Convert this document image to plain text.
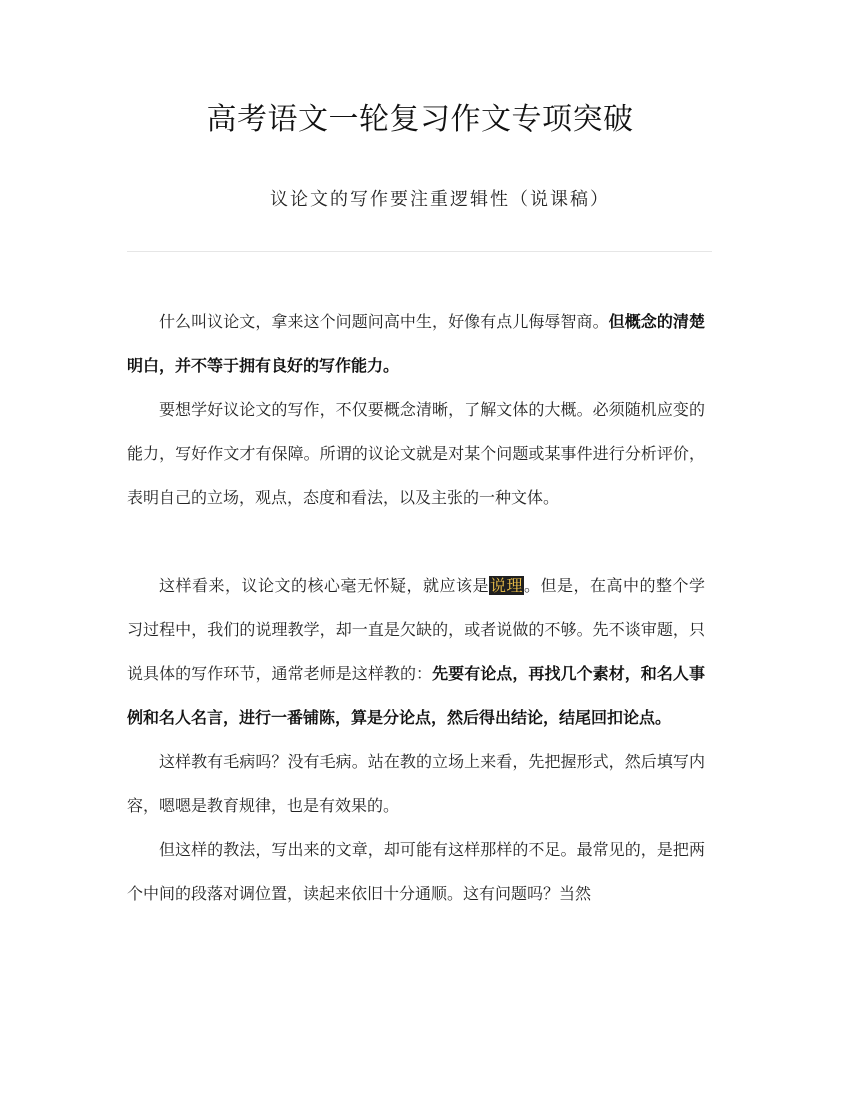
高考语文一轮复习作文专项突破
议论文的写作要注重逻辑性（说课稿）

什么叫议论文，拿来这个问题问高中生，好像有点儿侮辱智商。但概念的清楚明白，并不等于拥有良好的写作能力。

要想学好议论文的写作，不仅要概念清晰，了解文体的大概。必须随机应变的能力，写好作文才有保障。所谓的议论文就是对某个问题或某事件进行分析评价，表明自己的立场，观点，态度和看法，以及主张的一种文体。

这样看来，议论文的核心毫无怀疑，就应该是说理。但是，在高中的整个学习过程中，我们的说理教学，却一直是欠缺的，或者说做的不够。先不谈审题，只说具体的写作环节，通常老师是这样教的：先要有论点，再找几个素材，和名人事例和名人名言，进行一番铺陈，算是分论点，然后得出结论，结尾回扣论点。

这样教有毛病吗？没有毛病。站在教的立场上来看，先把握形式，然后填写内容，嗯嗯是教育规律，也是有效果的。

但这样的教法，写出来的文章，却可能有这样那样的不足。最常见的，是把两个中间的段落对调位置，读起来依旧十分通顺。这有问题吗？当然
